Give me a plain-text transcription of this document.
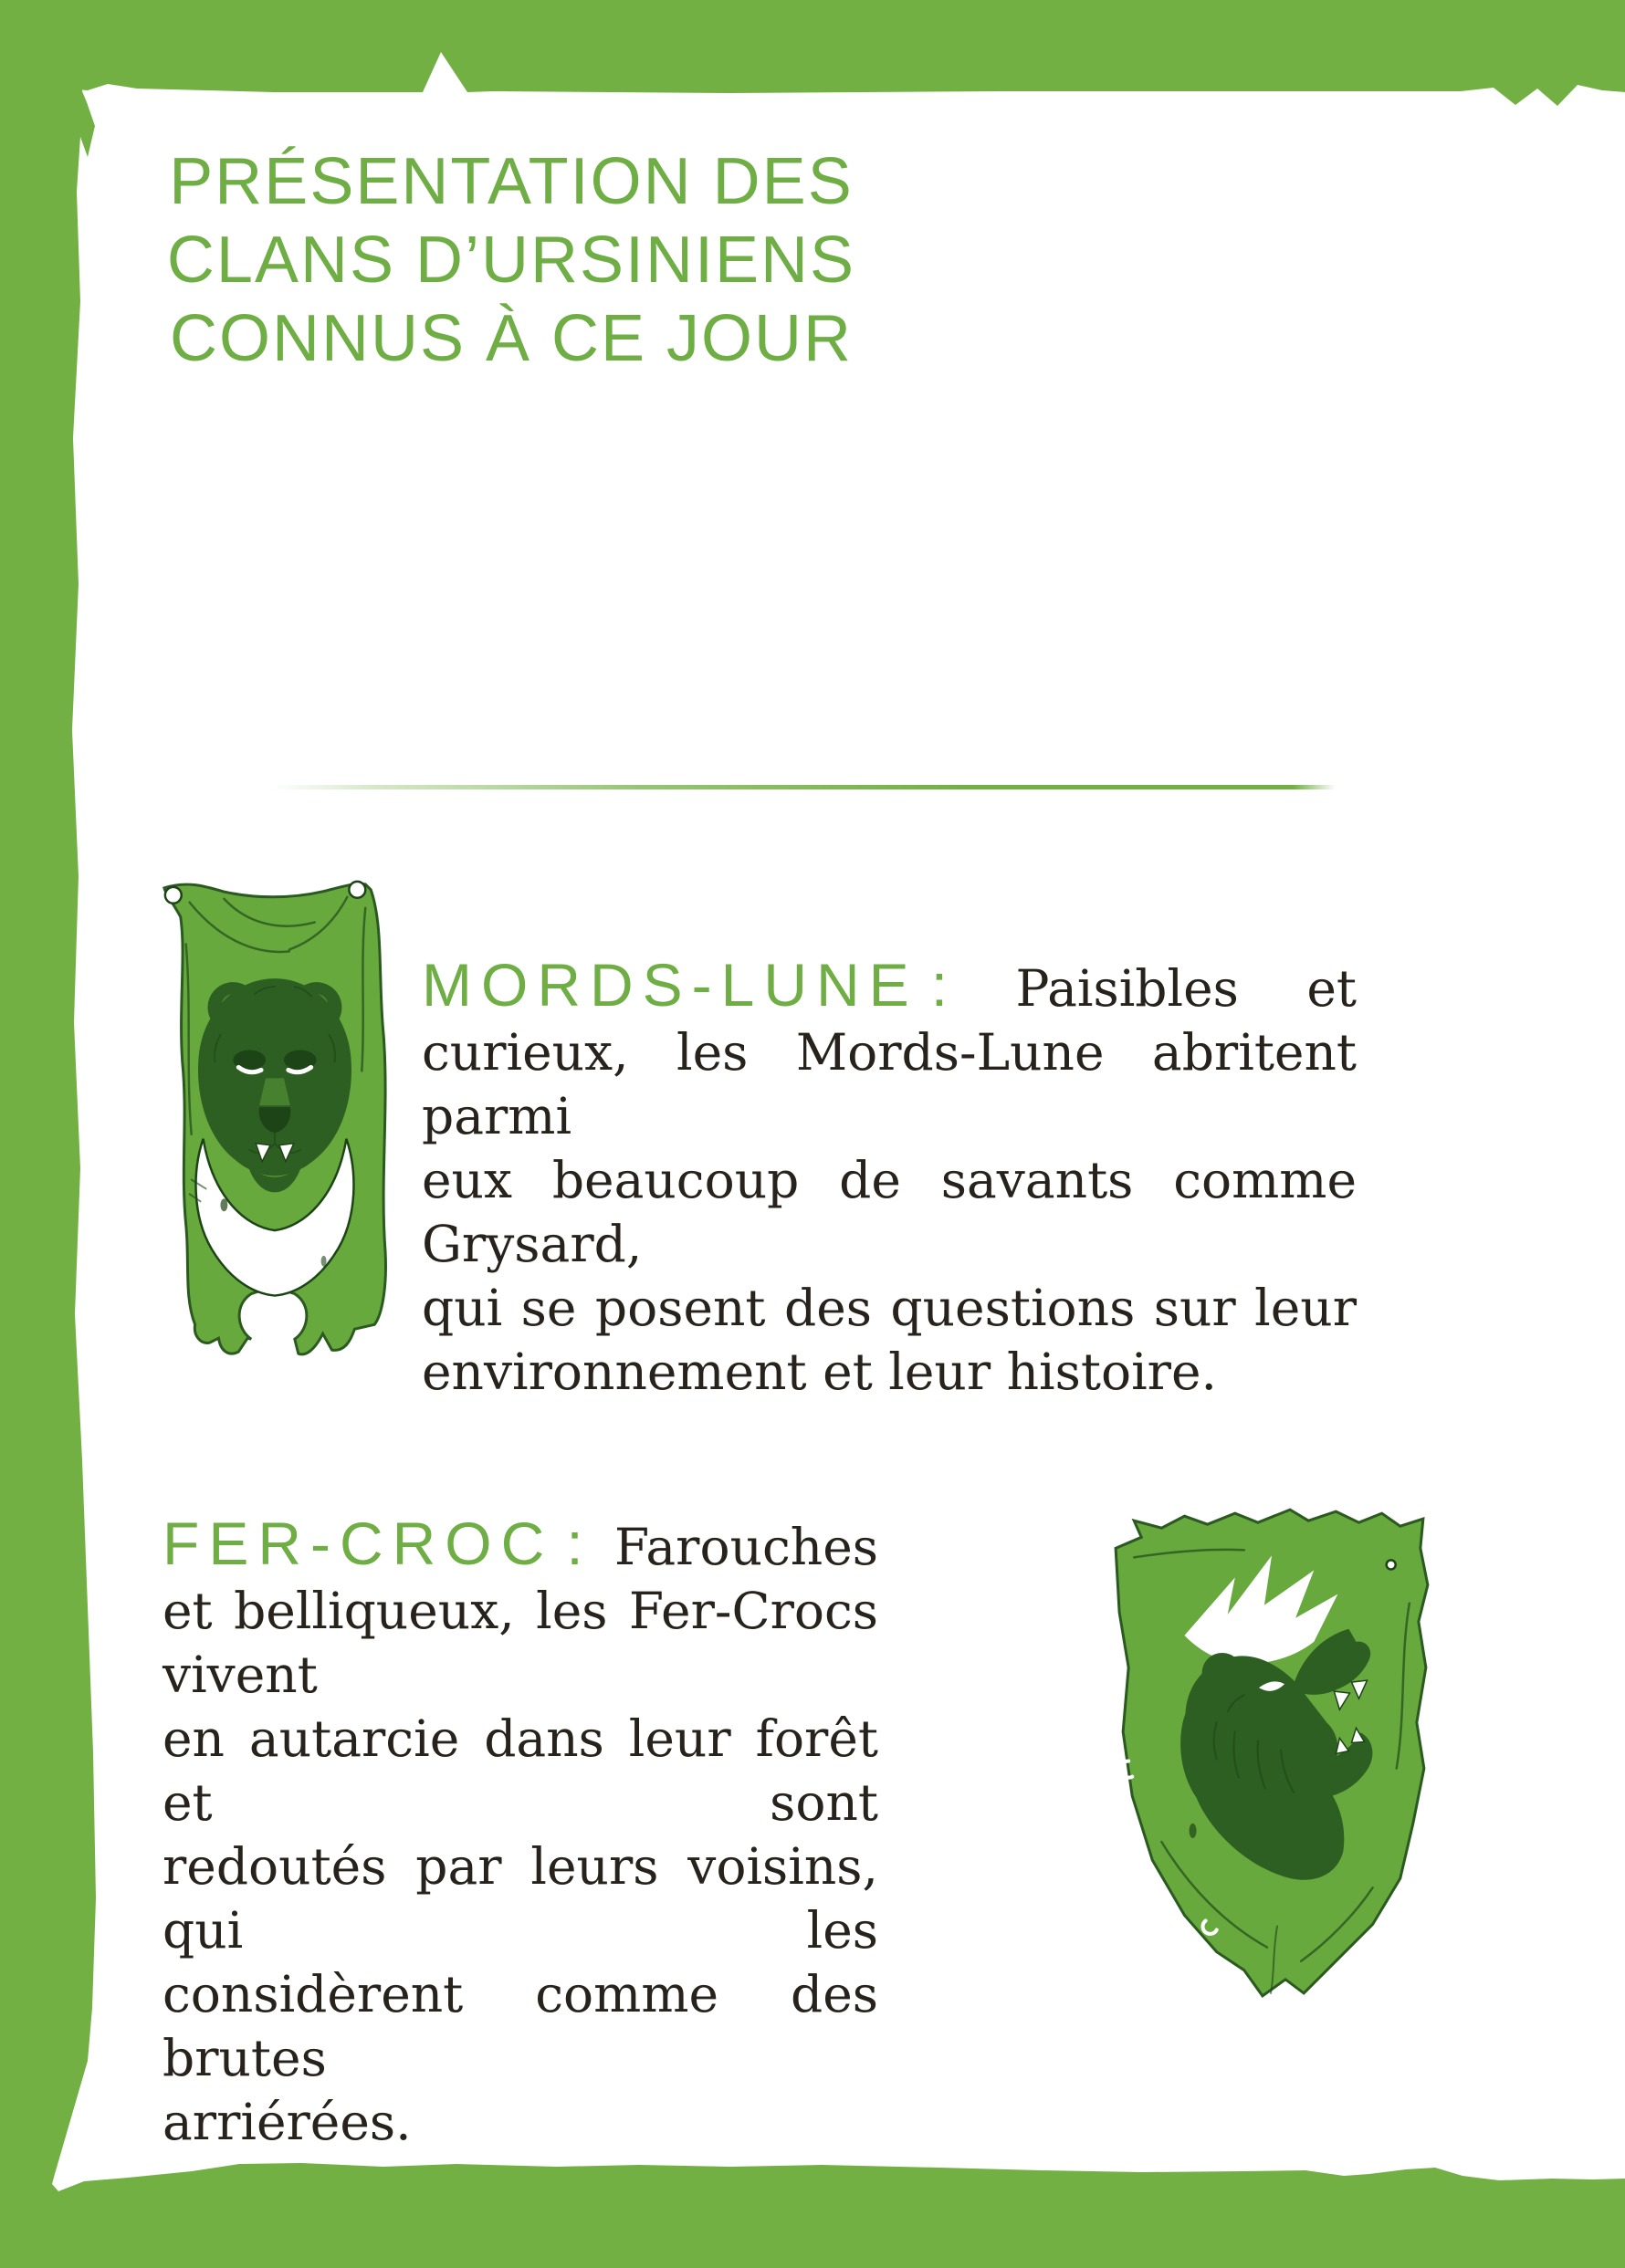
PRÉSENTATION DES
CLANS D’URSINIENS
CONNUS À CE JOUR
MORDS-LUNE : Paisibles et
curieux, les Mords-Lune abritent parmi
eux beaucoup de savants comme Grysard,
qui se posent des questions sur leur
environnement et leur histoire.
FER-CROC : Farouches
et belliqueux, les Fer-Crocs vivent
en autarcie dans leur forêt et sont
redoutés par leurs voisins, qui les
considèrent comme des brutes
arriérées.
